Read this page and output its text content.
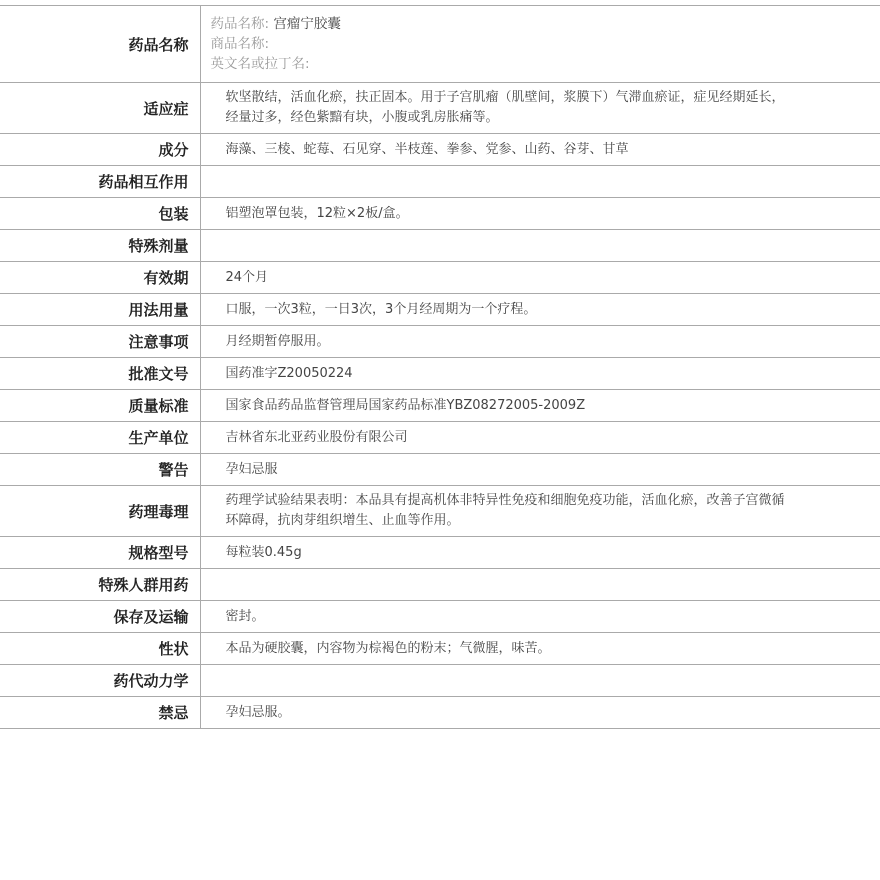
药品名称	药品名称: 宫瘤宁胶囊
商品名称:
英文名或拉丁名:

适应症	软坚散结，活血化瘀，扶正固本。用于子宫肌瘤（肌壁间，浆膜下）气滞血瘀证，症见经期延长，经量过多，经色紫黯有块，小腹或乳房胀痛等。
成分	海藻、三棱、蛇莓、石见穿、半枝莲、拳参、党参、山药、谷芽、甘草
药品相互作用	
包装	铝塑泡罩包装，12粒×2板/盒。
特殊剂量	
有效期	24个月
用法用量	口服，一次3粒，一日3次，3个月经周期为一个疗程。
注意事项	月经期暂停服用。
批准文号	国药准字Z20050224
质量标准	国家食品药品监督管理局国家药品标准YBZ08272005-2009Z
生产单位	吉林省东北亚药业股份有限公司
警告	孕妇忌服
药理毒理	药理学试验结果表明：本品具有提高机体非特异性免疫和细胞免疫功能，活血化瘀，改善子宫微循环障碍，抗肉芽组织增生、止血等作用。
规格型号	每粒装0.45g
特殊人群用药	
保存及运输	密封。
性状	本品为硬胶囊，内容物为棕褐色的粉末；气微腥，味苦。
药代动力学	
禁忌	孕妇忌服。
